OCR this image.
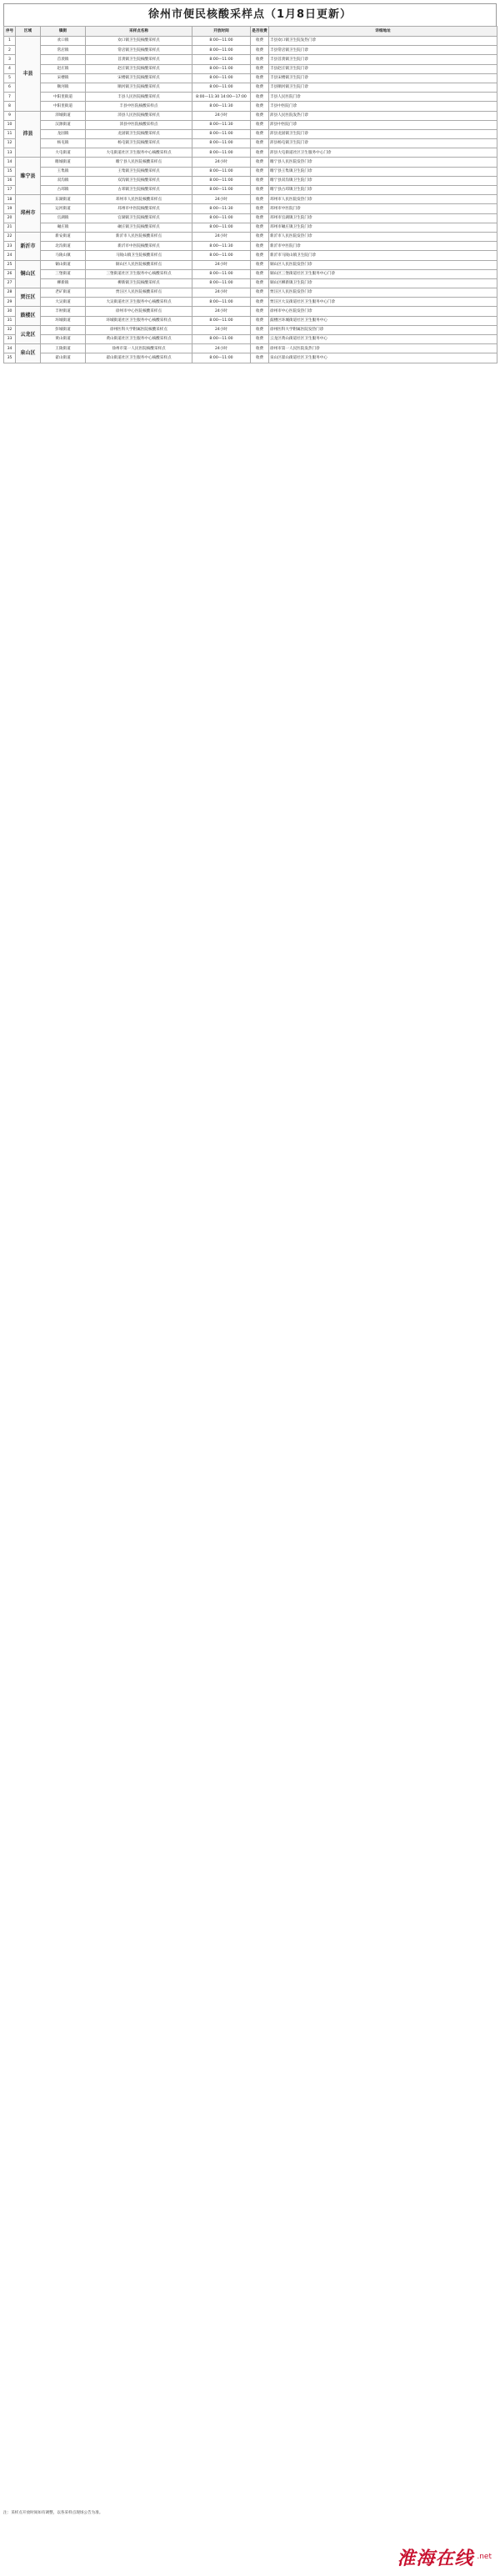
徐州市便民核酸采样点（1月8日更新）
序号	区域	镇街	采样点名称	开放时间	是否收费	详细地址
1	丰县	欢口镇	欢口镇卫生院核酸采样点	8:00—11:00	收费	丰县欢口镇卫生院发热门诊
2		常店镇	常店镇卫生院核酸采样点	8:00—11:00	收费	丰县常店镇卫生院门诊
3		首羡镇	首羡镇卫生院核酸采样点	8:00—11:00	收费	丰县首羡镇卫生院门诊
4		赵庄镇	赵庄镇卫生院核酸采样点	8:00—11:00	收费	丰县赵庄镇卫生院门诊
5		宋楼镇	宋楼镇卫生院核酸采样点	8:00—11:00	收费	丰县宋楼镇卫生院门诊
6		顺河镇	顺河镇卫生院核酸采样点	8:00—11:00	收费	丰县顺河镇卫生院门诊
7		中阳里街道	丰县人民医院核酸采样点	8:00—11:30 14:00—17:00	收费	丰县人民医院门诊
8		中阳里街道	丰县中医院核酸采样点	8:00—11:30	收费	丰县中医院门诊
9	沛县	沛城街道	沛县人民医院核酸采样点	24小时	收费	沛县人民医院发热门诊
10		汉源街道	沛县中医院核酸采样点	8:00—11:30	收费	沛县中医院门诊
11		龙固镇	龙固镇卫生院核酸采样点	8:00—11:00	收费	沛县龙固镇卫生院门诊
12		杨屯镇	杨屯镇卫生院核酸采样点	8:00—11:00	收费	沛县杨屯镇卫生院门诊
13		大屯街道	大屯街道社区卫生服务中心核酸采样点	8:00—11:00	收费	沛县大屯街道社区卫生服务中心门诊
14	睢宁县	睢城街道	睢宁县人民医院核酸采样点	24小时	收费	睢宁县人民医院发热门诊
15		王集镇	王集镇卫生院核酸采样点	8:00—11:00	收费	睢宁县王集镇卫生院门诊
16		双沟镇	双沟镇卫生院核酸采样点	8:00—11:00	收费	睢宁县双沟镇卫生院门诊
17		古邳镇	古邳镇卫生院核酸采样点	8:00—11:00	收费	睢宁县古邳镇卫生院门诊
18	邳州市	东湖街道	邳州市人民医院核酸采样点	24小时	收费	邳州市人民医院发热门诊
19		运河街道	邳州市中医院核酸采样点	8:00—11:30	收费	邳州市中医院门诊
20		官湖镇	官湖镇卫生院核酸采样点	8:00—11:00	收费	邳州市官湖镇卫生院门诊
21		碾庄镇	碾庄镇卫生院核酸采样点	8:00—11:00	收费	邳州市碾庄镇卫生院门诊
22	新沂市	新安街道	新沂市人民医院核酸采样点	24小时	收费	新沂市人民医院发热门诊
23		北沟街道	新沂市中医院核酸采样点	8:00—11:30	收费	新沂市中医院门诊
24		马陵山镇	马陵山镇卫生院核酸采样点	8:00—11:00	收费	新沂市马陵山镇卫生院门诊
25	铜山区	铜山街道	铜山区人民医院核酸采样点	24小时	收费	铜山区人民医院发热门诊
26		三堡街道	三堡街道社区卫生服务中心核酸采样点	8:00—11:00	收费	铜山区三堡街道社区卫生服务中心门诊
27		柳新镇	柳新镇卫生院核酸采样点	8:00—11:00	收费	铜山区柳新镇卫生院门诊
28	贾汪区	老矿街道	贾汪区人民医院核酸采样点	24小时	收费	贾汪区人民医院发热门诊
29		大吴街道	大吴街道社区卫生服务中心核酸采样点	8:00—11:00	收费	贾汪区大吴街道社区卫生服务中心门诊
30	鼓楼区	丰财街道	徐州市中心医院核酸采样点	24小时	收费	徐州市中心医院发热门诊
31		环城街道	环城街道社区卫生服务中心核酸采样点	8:00—11:00	收费	鼓楼区环城街道社区卫生服务中心
32	云龙区	彭城街道	徐州医科大学附属医院核酸采样点	24小时	收费	徐州医科大学附属医院发热门诊
33		黄山街道	黄山街道社区卫生服务中心核酸采样点	8:00—11:00	收费	云龙区黄山街道社区卫生服务中心
34	泉山区	王陵街道	徐州市第一人民医院核酸采样点	24小时	收费	徐州市第一人民医院发热门诊
35		翟山街道	翟山街道社区卫生服务中心核酸采样点	8:00—11:00	收费	泉山区翟山街道社区卫生服务中心
注：采样点开放时间如有调整，以各采样点现场公告为准。
淮海在线 .net
